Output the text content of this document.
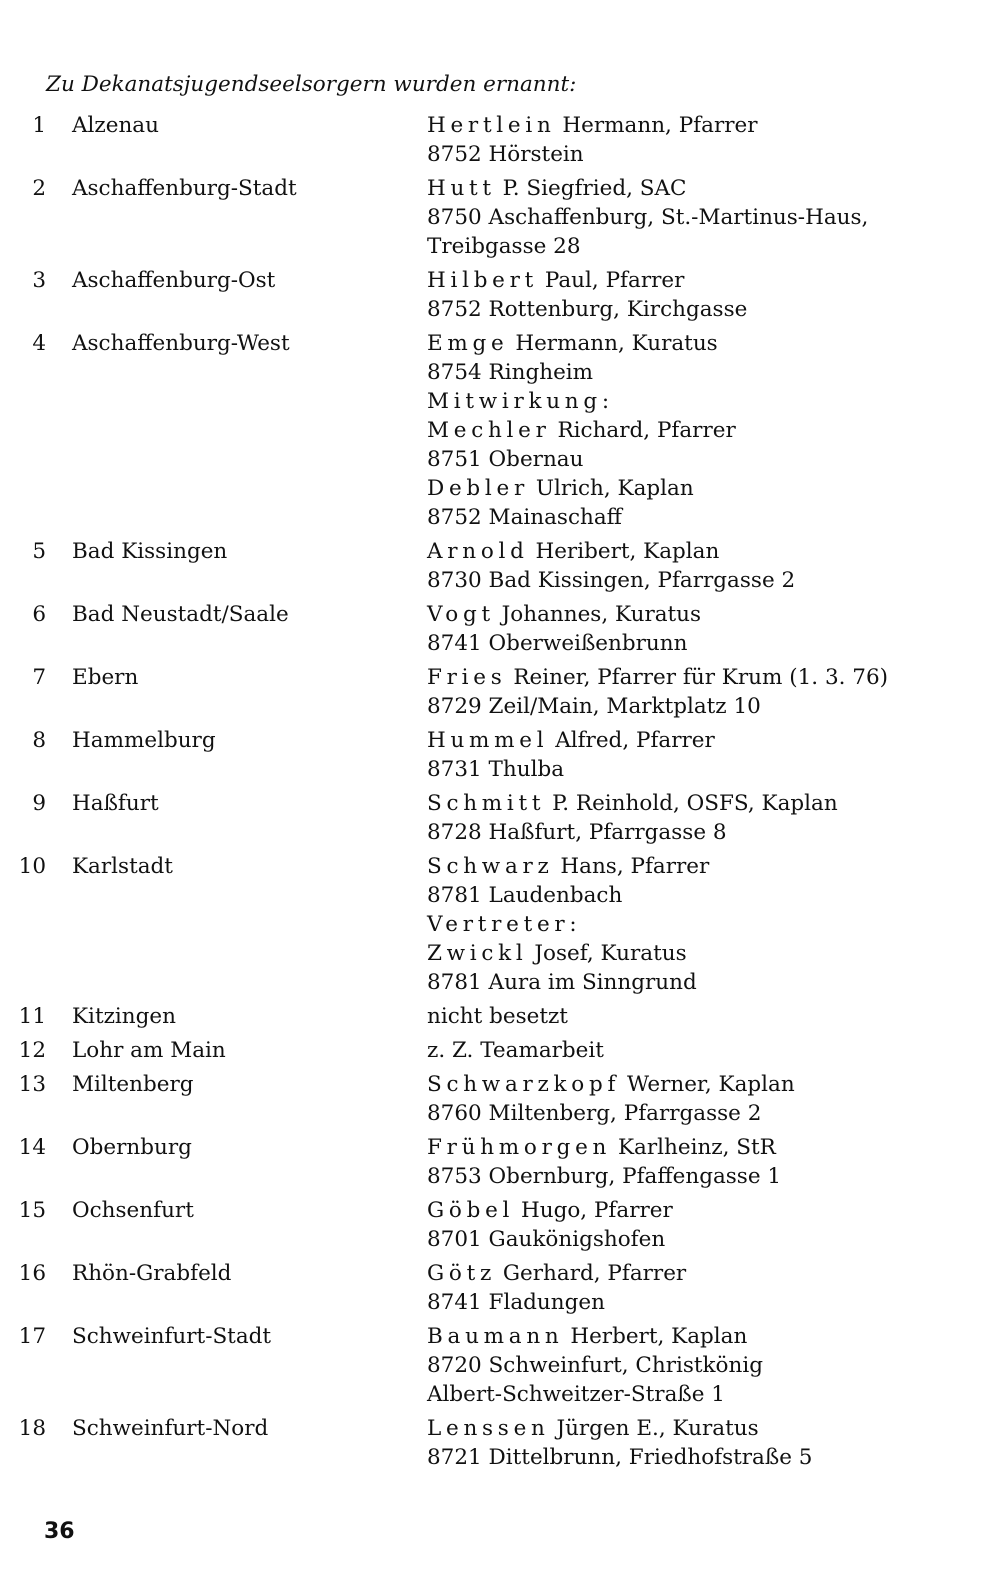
Zu Dekanatsjugendseelsorgern wurden ernannt:
1	Alzenau	Hertlein Hermann, Pfarrer
8752 Hörstein
2	Aschaffenburg-Stadt	Hutt P. Siegfried, SAC
8750 Aschaffenburg, St.-Martinus-Haus,
Treibgasse 28
3	Aschaffenburg-Ost	Hilbert Paul, Pfarrer
8752 Rottenburg, Kirchgasse
4	Aschaffenburg-West	Emge Hermann, Kuratus
8754 Ringheim
Mitwirkung:
Mechler Richard, Pfarrer
8751 Obernau
Debler Ulrich, Kaplan
8752 Mainaschaff
5	Bad Kissingen	Arnold Heribert, Kaplan
8730 Bad Kissingen, Pfarrgasse 2
6	Bad Neustadt/Saale	Vogt Johannes, Kuratus
8741 Oberweißenbrunn
7	Ebern	Fries Reiner, Pfarrer für Krum (1. 3. 76)
8729 Zeil/Main, Marktplatz 10
8	Hammelburg	Hummel Alfred, Pfarrer
8731 Thulba
9	Haßfurt	Schmitt P. Reinhold, OSFS, Kaplan
8728 Haßfurt, Pfarrgasse 8
10	Karlstadt	Schwarz Hans, Pfarrer
8781 Laudenbach
Vertreter:
Zwickl Josef, Kuratus
8781 Aura im Sinngrund
11	Kitzingen	nicht besetzt
12	Lohr am Main	z. Z. Teamarbeit
13	Miltenberg	Schwarzkopf Werner, Kaplan
8760 Miltenberg, Pfarrgasse 2
14	Obernburg	Frühmorgen Karlheinz, StR
8753 Obernburg, Pfaffengasse 1
15	Ochsenfurt	Göbel Hugo, Pfarrer
8701 Gaukönigshofen
16	Rhön-Grabfeld	Götz Gerhard, Pfarrer
8741 Fladungen
17	Schweinfurt-Stadt	Baumann Herbert, Kaplan
8720 Schweinfurt, Christkönig
Albert-Schweitzer-Straße 1
18	Schweinfurt-Nord	Lenssen Jürgen E., Kuratus
8721 Dittelbrunn, Friedhofstraße 5
36
